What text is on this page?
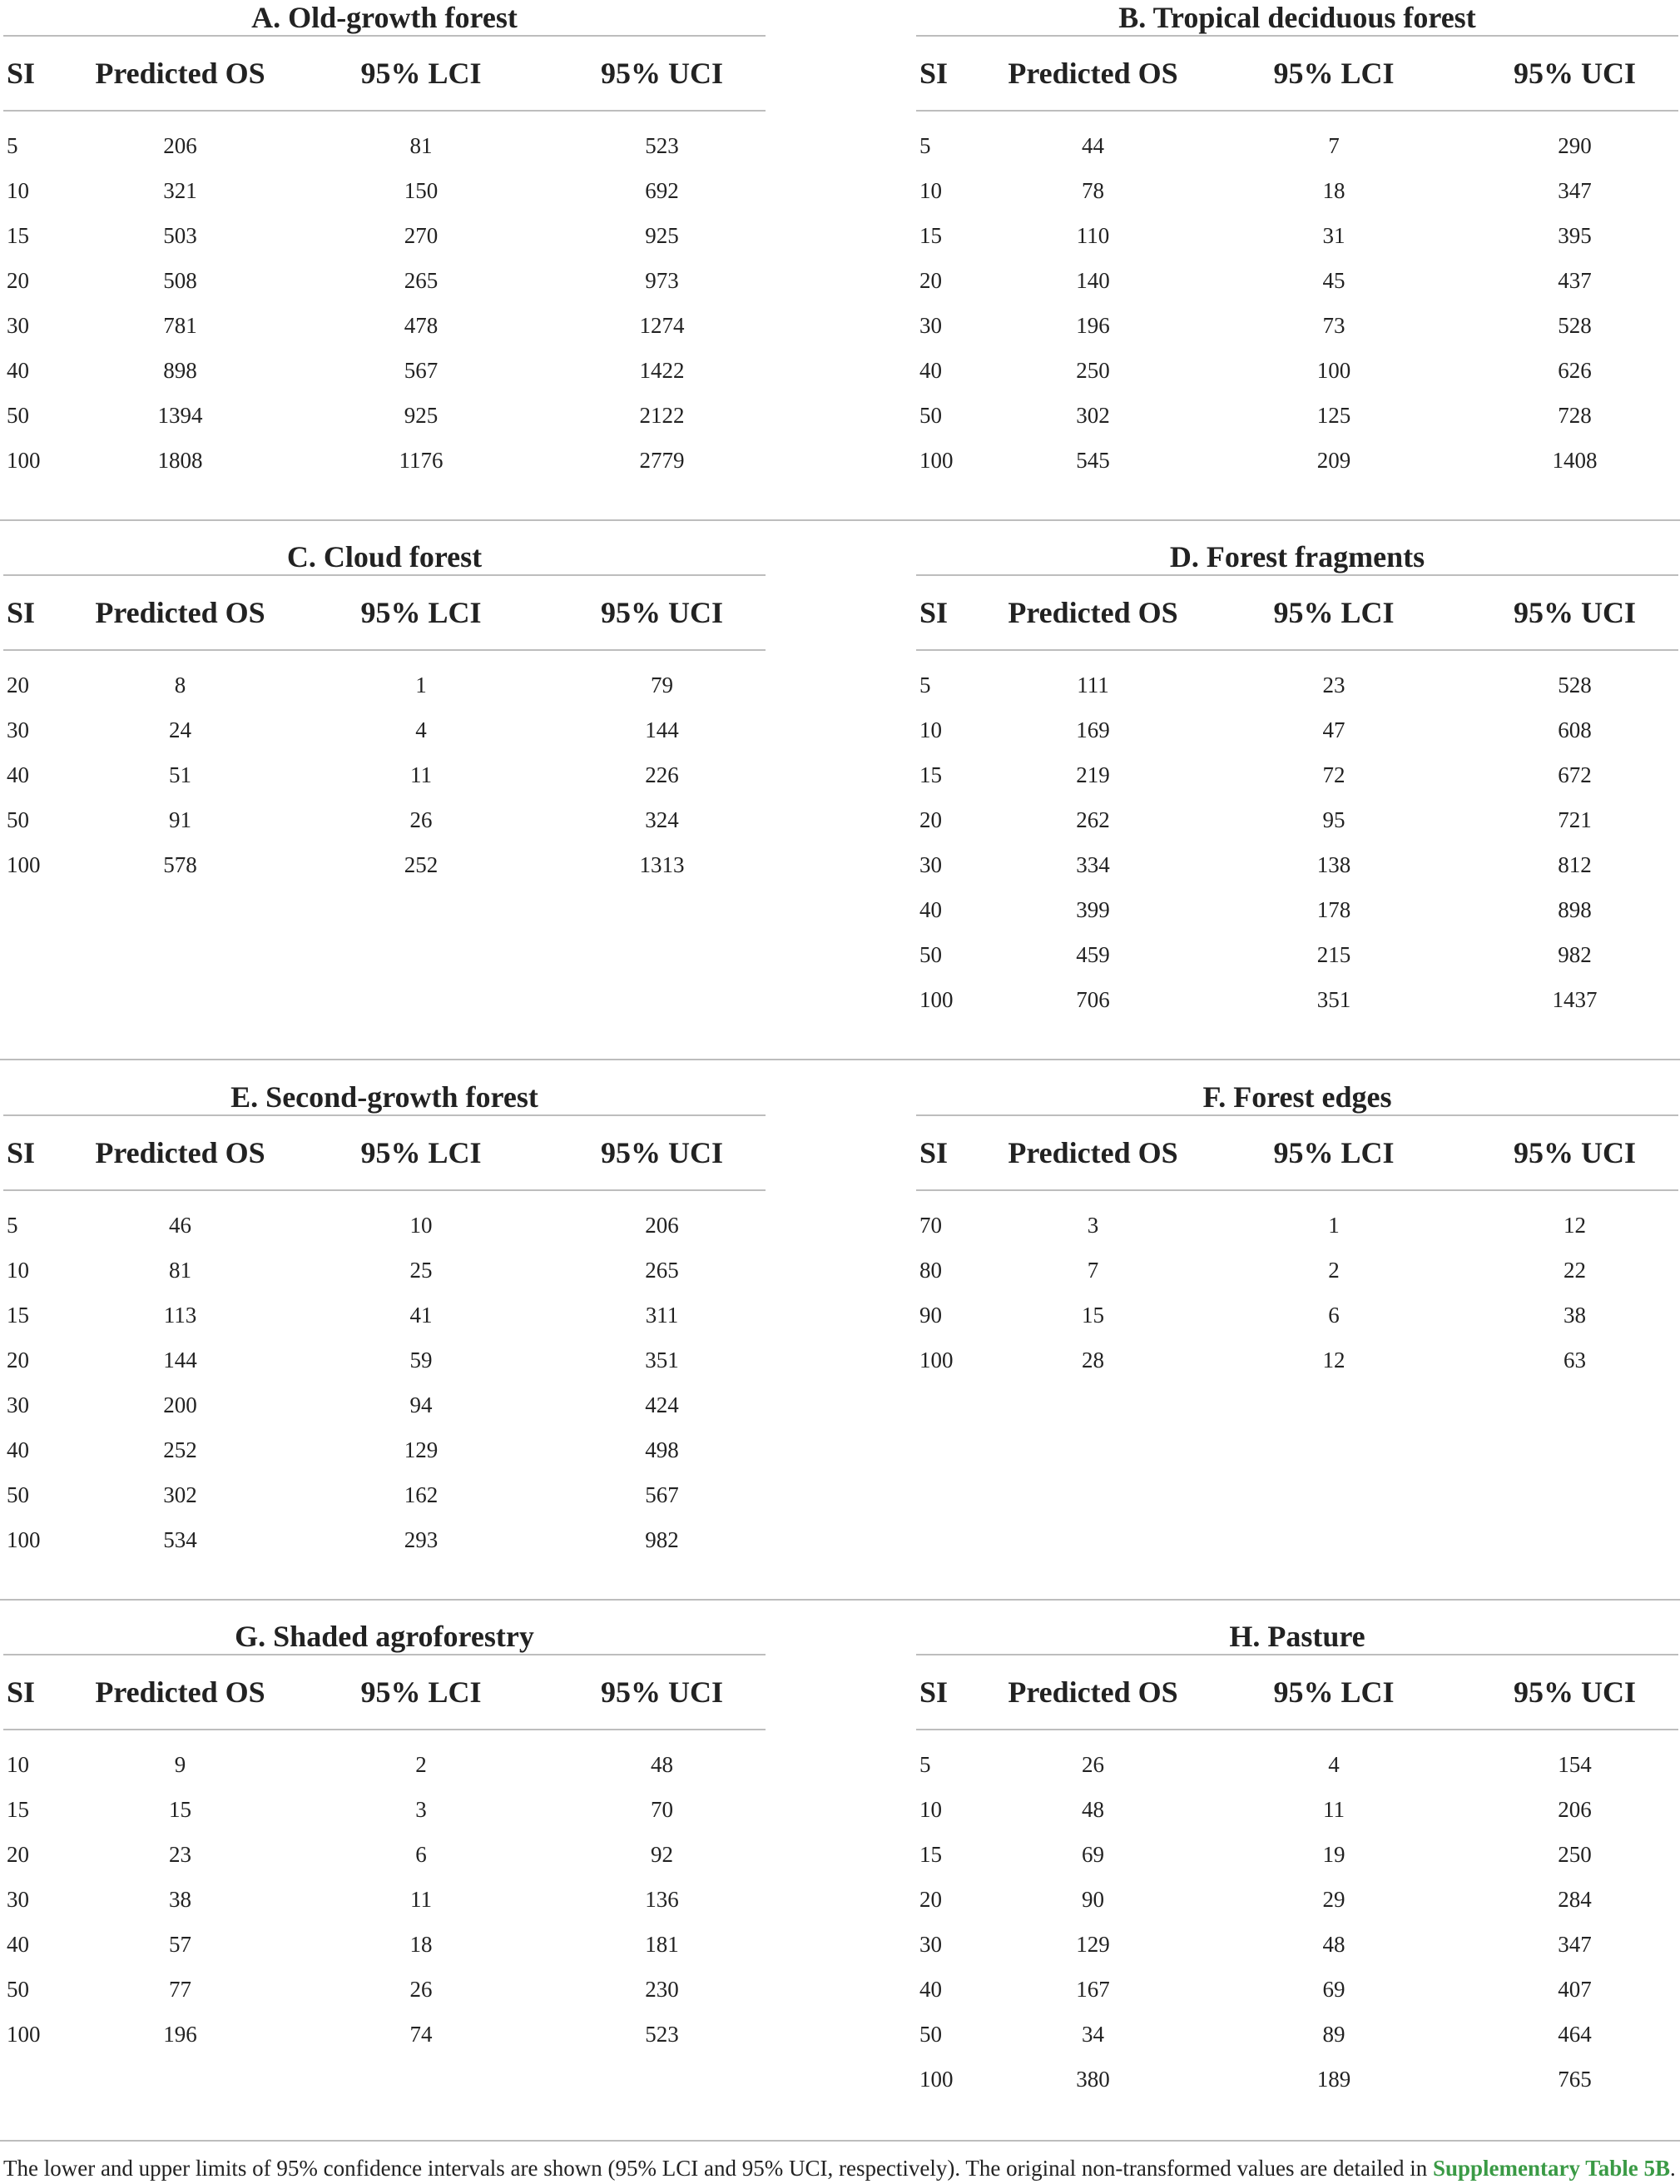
A. Old-growth forest
SI	Predicted OS	95% LCI	95% UCI
5	206	81	523
10	321	150	692
15	503	270	925
20	508	265	973
30	781	478	1274
40	898	567	1422
50	1394	925	2122
100	1808	1176	2779
B. Tropical deciduous forest
SI	Predicted OS	95% LCI	95% UCI
5	44	7	290
10	78	18	347
15	110	31	395
20	140	45	437
30	196	73	528
40	250	100	626
50	302	125	728
100	545	209	1408
C. Cloud forest
SI	Predicted OS	95% LCI	95% UCI
20	8	1	79
30	24	4	144
40	51	11	226
50	91	26	324
100	578	252	1313
D. Forest fragments
SI	Predicted OS	95% LCI	95% UCI
5	111	23	528
10	169	47	608
15	219	72	672
20	262	95	721
30	334	138	812
40	399	178	898
50	459	215	982
100	706	351	1437
E. Second-growth forest
SI	Predicted OS	95% LCI	95% UCI
5	46	10	206
10	81	25	265
15	113	41	311
20	144	59	351
30	200	94	424
40	252	129	498
50	302	162	567
100	534	293	982
F. Forest edges
SI	Predicted OS	95% LCI	95% UCI
70	3	1	12
80	7	2	22
90	15	6	38
100	28	12	63
G. Shaded agroforestry
SI	Predicted OS	95% LCI	95% UCI
10	9	2	48
15	15	3	70
20	23	6	92
30	38	11	136
40	57	18	181
50	77	26	230
100	196	74	523
H. Pasture
SI	Predicted OS	95% LCI	95% UCI
5	26	4	154
10	48	11	206
15	69	19	250
20	90	29	284
30	129	48	347
40	167	69	407
50	34	89	464
100	380	189	765
The lower and upper limits of 95% confidence intervals are shown (95% LCI and 95% UCI, respectively). The original non-transformed values are detailed in Supplementary Table 5B.
